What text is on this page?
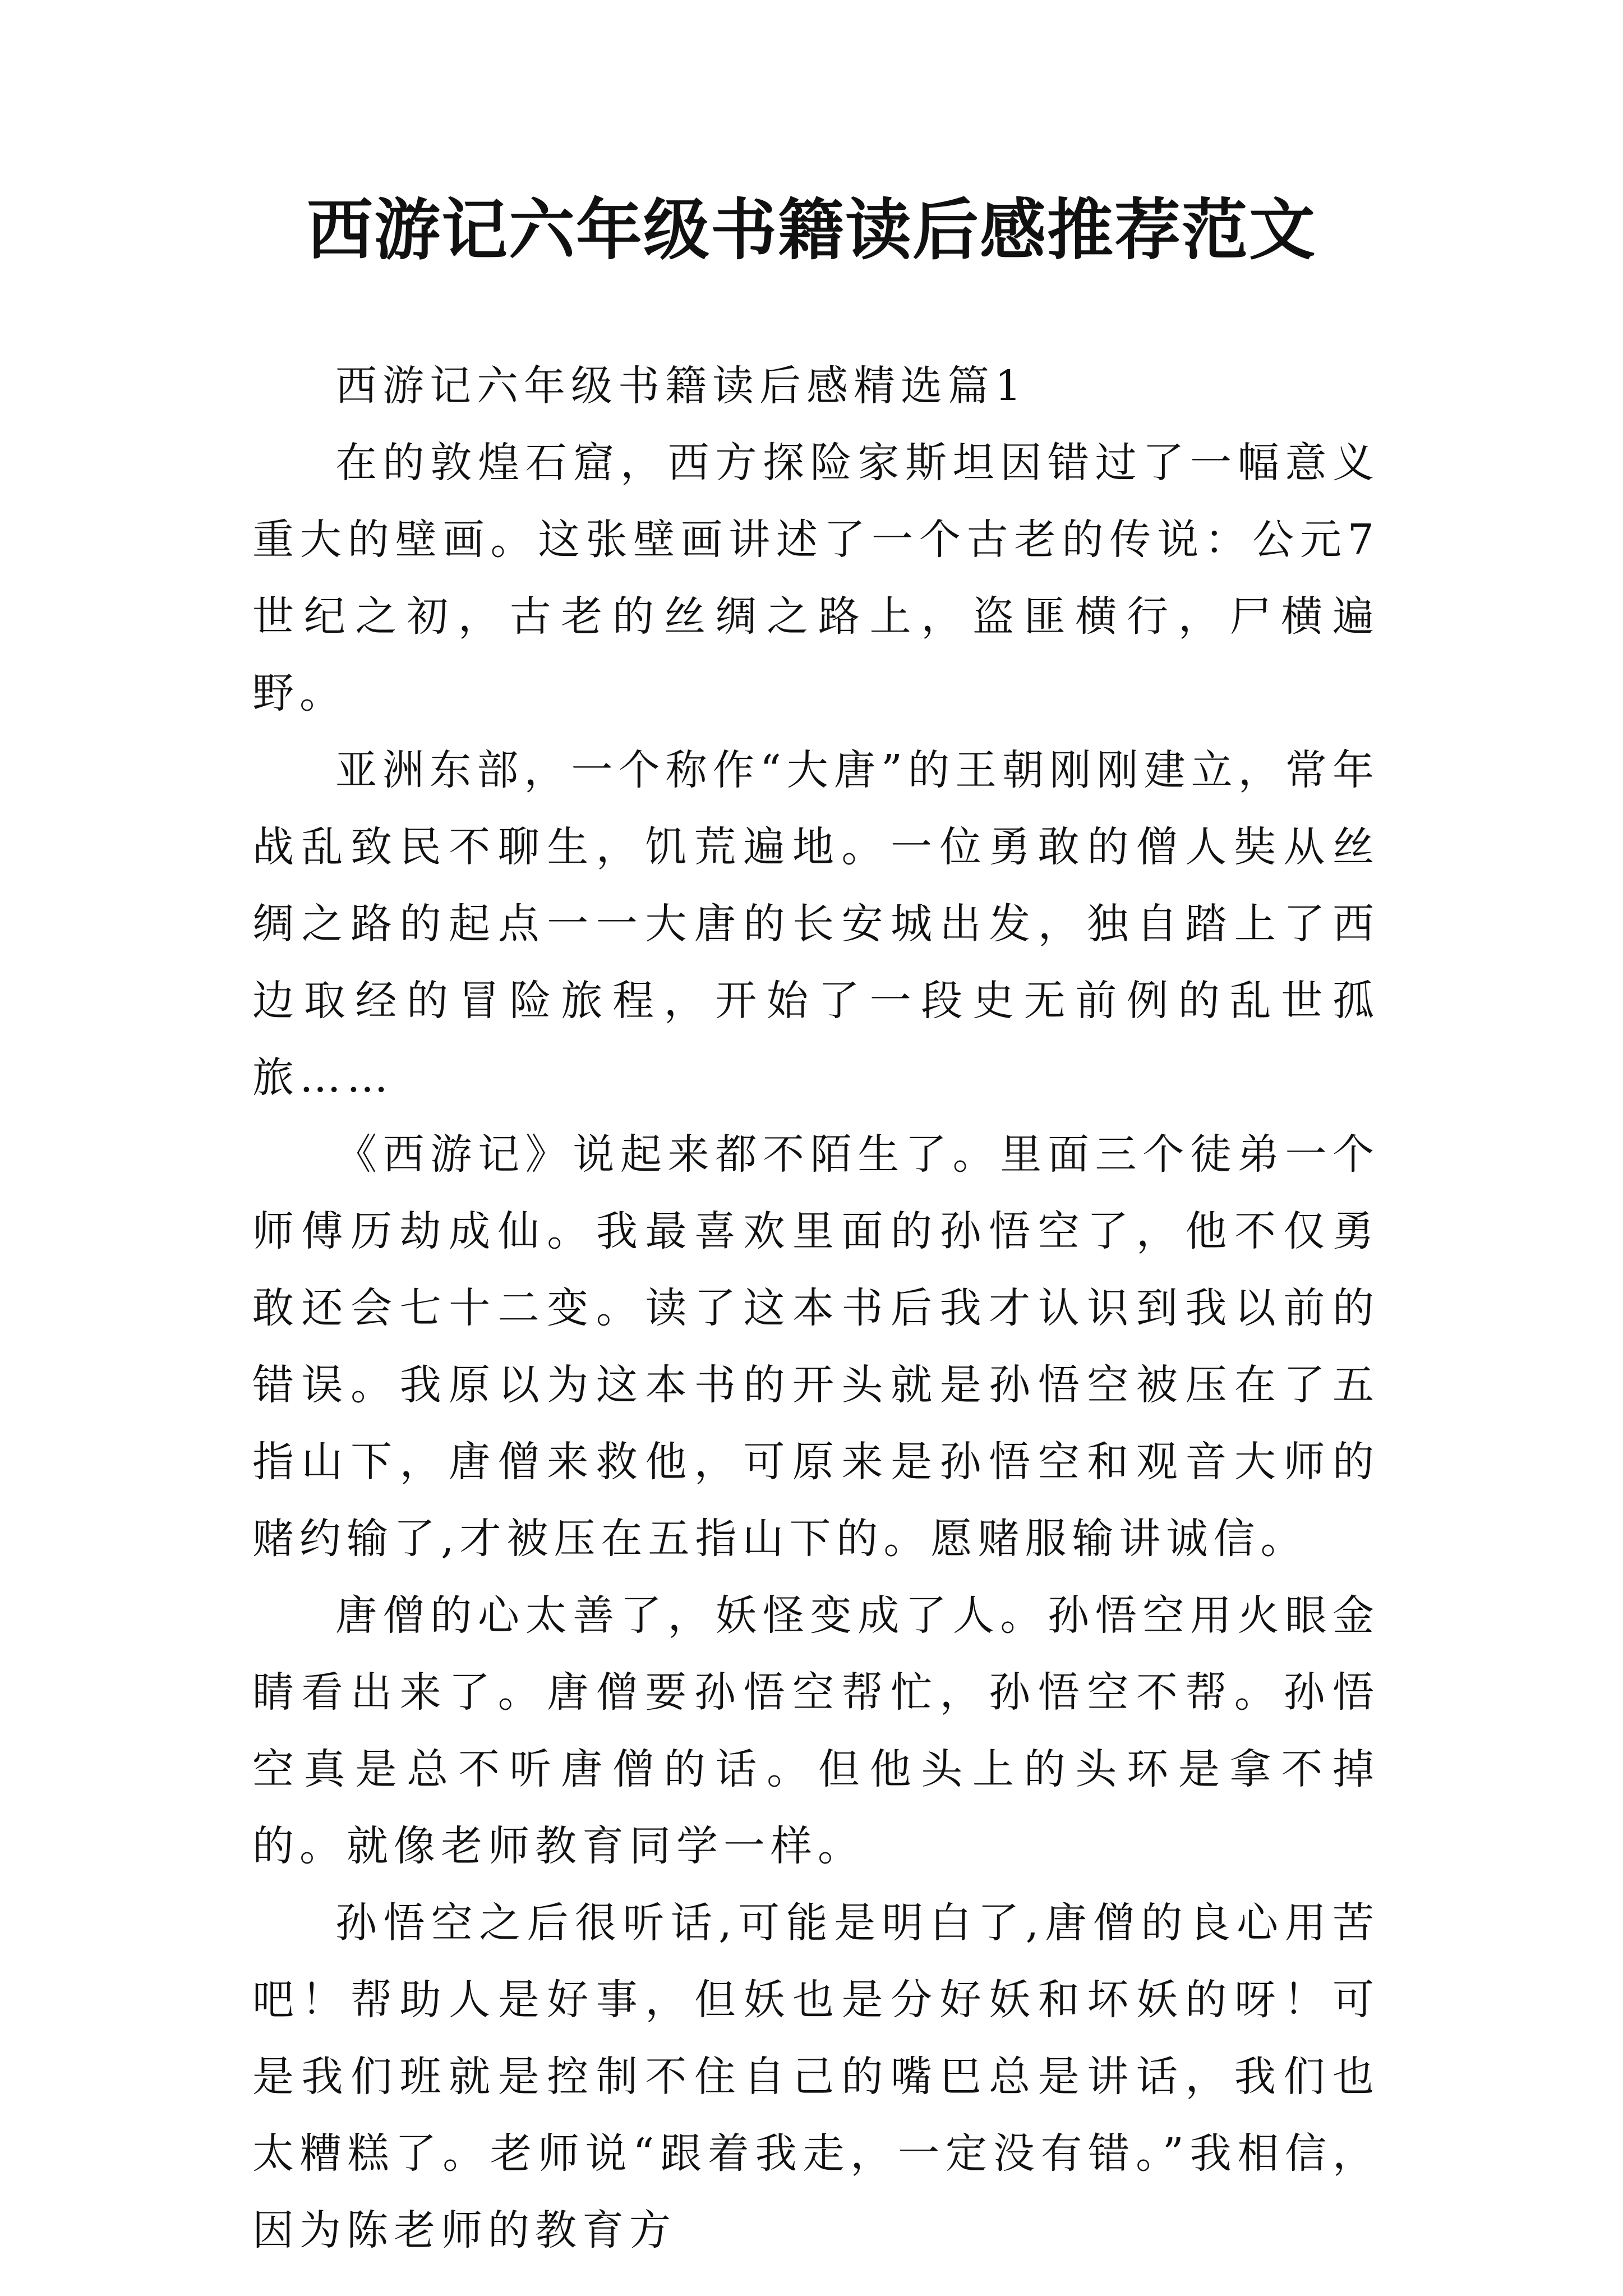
西游记六年级书籍读后感推荐范文

西游记六年级书籍读后感精选篇1

在的敦煌石窟，西方探险家斯坦因错过了一幅意义重大的壁画。这张壁画讲述了一个古老的传说：公元7世纪之初，古老的丝绸之路上，盗匪横行，尸横遍野。

亚洲东部，一个称作“大唐”的王朝刚刚建立，常年战乱致民不聊生，饥荒遍地。一位勇敢的僧人奘从丝绸之路的起点一一大唐的长安城出发，独自踏上了西边取经的冒险旅程，开始了一段史无前例的乱世孤旅……

《西游记》说起来都不陌生了。里面三个徒弟一个师傅历劫成仙。我最喜欢里面的孙悟空了，他不仅勇敢还会七十二变。读了这本书后我才认识到我以前的错误。我原以为这本书的开头就是孙悟空被压在了五指山下，唐僧来救他，可原来是孙悟空和观音大师的赌约输了,才被压在五指山下的。愿赌服输讲诚信。

唐僧的心太善了，妖怪变成了人。孙悟空用火眼金睛看出来了。唐僧要孙悟空帮忙，孙悟空不帮。孙悟空真是总不听唐僧的话。但他头上的头环是拿不掉的。就像老师教育同学一样。

孙悟空之后很听话,可能是明白了,唐僧的良心用苦吧！帮助人是好事，但妖也是分好妖和坏妖的呀！可是我们班就是控制不住自己的嘴巴总是讲话，我们也太糟糕了。老师说“跟着我走，一定没有错。”我相信，因为陈老师的教育方
